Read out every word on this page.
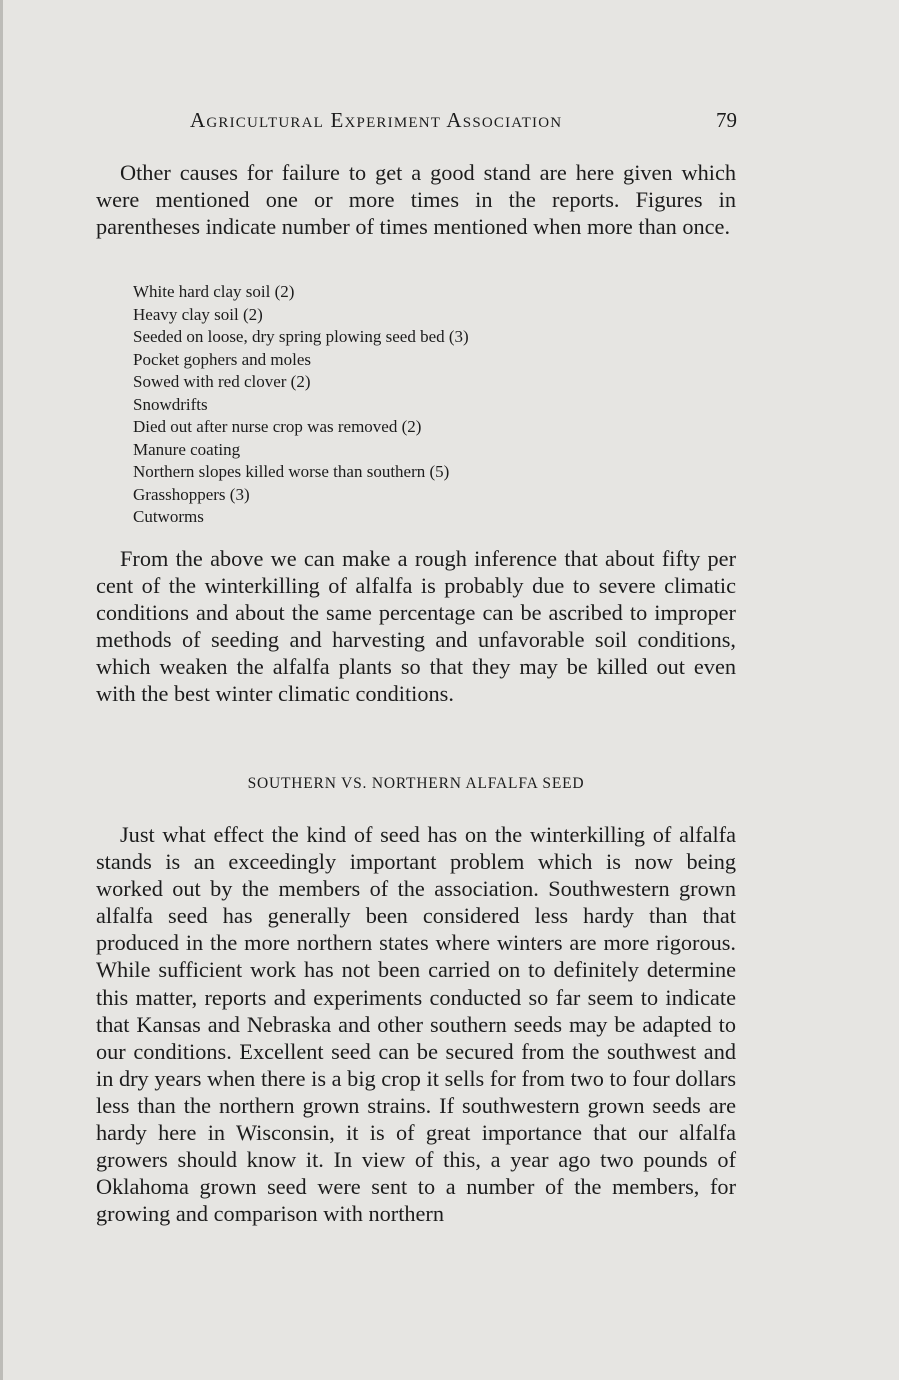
Agricultural Experiment Association	79

Other causes for failure to get a good stand are here given which were mentioned one or more times in the reports. Figures in parentheses indicate number of times mentioned when more than once.

White hard clay soil (2)
Heavy clay soil (2)
Seeded on loose, dry spring plowing seed bed (3)
Pocket gophers and moles
Sowed with red clover (2)
Snowdrifts
Died out after nurse crop was removed (2)
Manure coating
Northern slopes killed worse than southern (5)
Grasshoppers (3)
Cutworms

From the above we can make a rough inference that about fifty per cent of the winterkilling of alfalfa is probably due to severe climatic conditions and about the same percentage can be ascribed to improper methods of seeding and harvesting and unfavorable soil conditions, which weaken the alfalfa plants so that they may be killed out even with the best winter climatic conditions.

SOUTHERN VS. NORTHERN ALFALFA SEED

Just what effect the kind of seed has on the winterkilling of alfalfa stands is an exceedingly important problem which is now being worked out by the members of the association. Southwestern grown alfalfa seed has generally been considered less hardy than that produced in the more northern states where winters are more rigorous. While sufficient work has not been carried on to definitely determine this matter, reports and experiments conducted so far seem to indicate that Kansas and Nebraska and other southern seeds may be adapted to our conditions. Excellent seed can be secured from the southwest and in dry years when there is a big crop it sells for from two to four dollars less than the northern grown strains. If southwestern grown seeds are hardy here in Wisconsin, it is of great importance that our alfalfa growers should know it. In view of this, a year ago two pounds of Oklahoma grown seed were sent to a number of the members, for growing and comparison with northern
